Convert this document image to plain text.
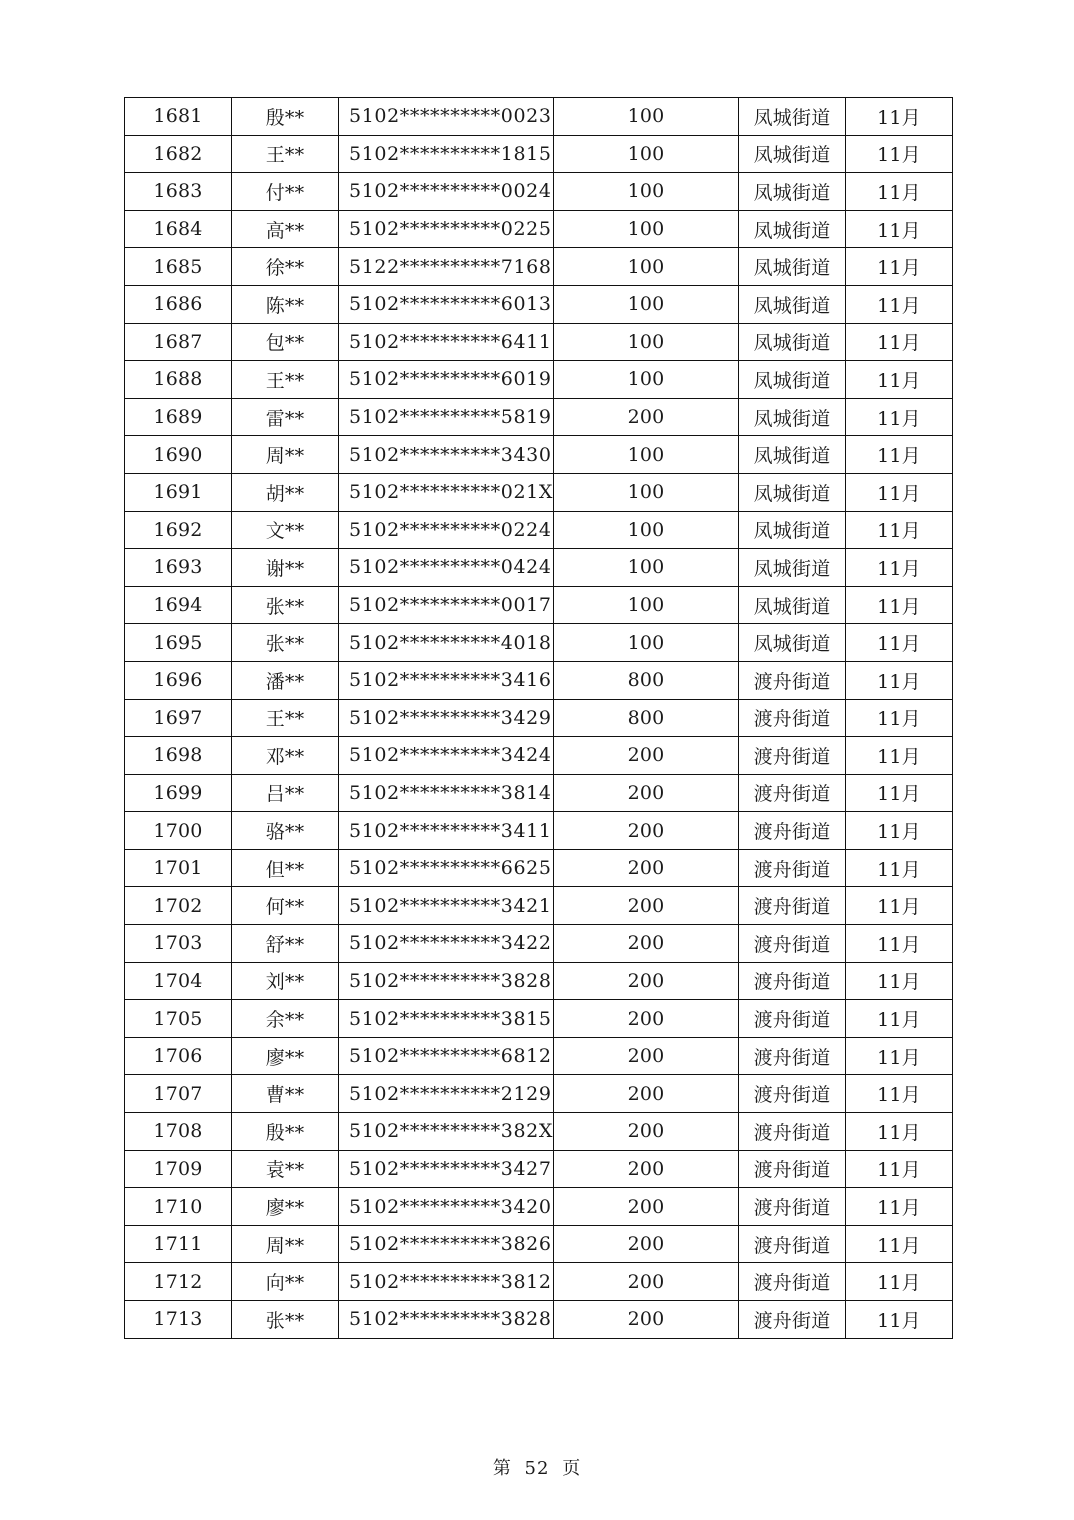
1681	殷**	5102**********0023	100	凤城街道	11月
1682	王**	5102**********1815	100	凤城街道	11月
1683	付**	5102**********0024	100	凤城街道	11月
1684	高**	5102**********0225	100	凤城街道	11月
1685	徐**	5122**********7168	100	凤城街道	11月
1686	陈**	5102**********6013	100	凤城街道	11月
1687	包**	5102**********6411	100	凤城街道	11月
1688	王**	5102**********6019	100	凤城街道	11月
1689	雷**	5102**********5819	200	凤城街道	11月
1690	周**	5102**********3430	100	凤城街道	11月
1691	胡**	5102**********021X	100	凤城街道	11月
1692	文**	5102**********0224	100	凤城街道	11月
1693	谢**	5102**********0424	100	凤城街道	11月
1694	张**	5102**********0017	100	凤城街道	11月
1695	张**	5102**********4018	100	凤城街道	11月
1696	潘**	5102**********3416	800	渡舟街道	11月
1697	王**	5102**********3429	800	渡舟街道	11月
1698	邓**	5102**********3424	200	渡舟街道	11月
1699	吕**	5102**********3814	200	渡舟街道	11月
1700	骆**	5102**********3411	200	渡舟街道	11月
1701	但**	5102**********6625	200	渡舟街道	11月
1702	何**	5102**********3421	200	渡舟街道	11月
1703	舒**	5102**********3422	200	渡舟街道	11月
1704	刘**	5102**********3828	200	渡舟街道	11月
1705	余**	5102**********3815	200	渡舟街道	11月
1706	廖**	5102**********6812	200	渡舟街道	11月
1707	曹**	5102**********2129	200	渡舟街道	11月
1708	殷**	5102**********382X	200	渡舟街道	11月
1709	袁**	5102**********3427	200	渡舟街道	11月
1710	廖**	5102**********3420	200	渡舟街道	11月
1711	周**	5102**********3826	200	渡舟街道	11月
1712	向**	5102**********3812	200	渡舟街道	11月
1713	张**	5102**********3828	200	渡舟街道	11月
第 52 页
